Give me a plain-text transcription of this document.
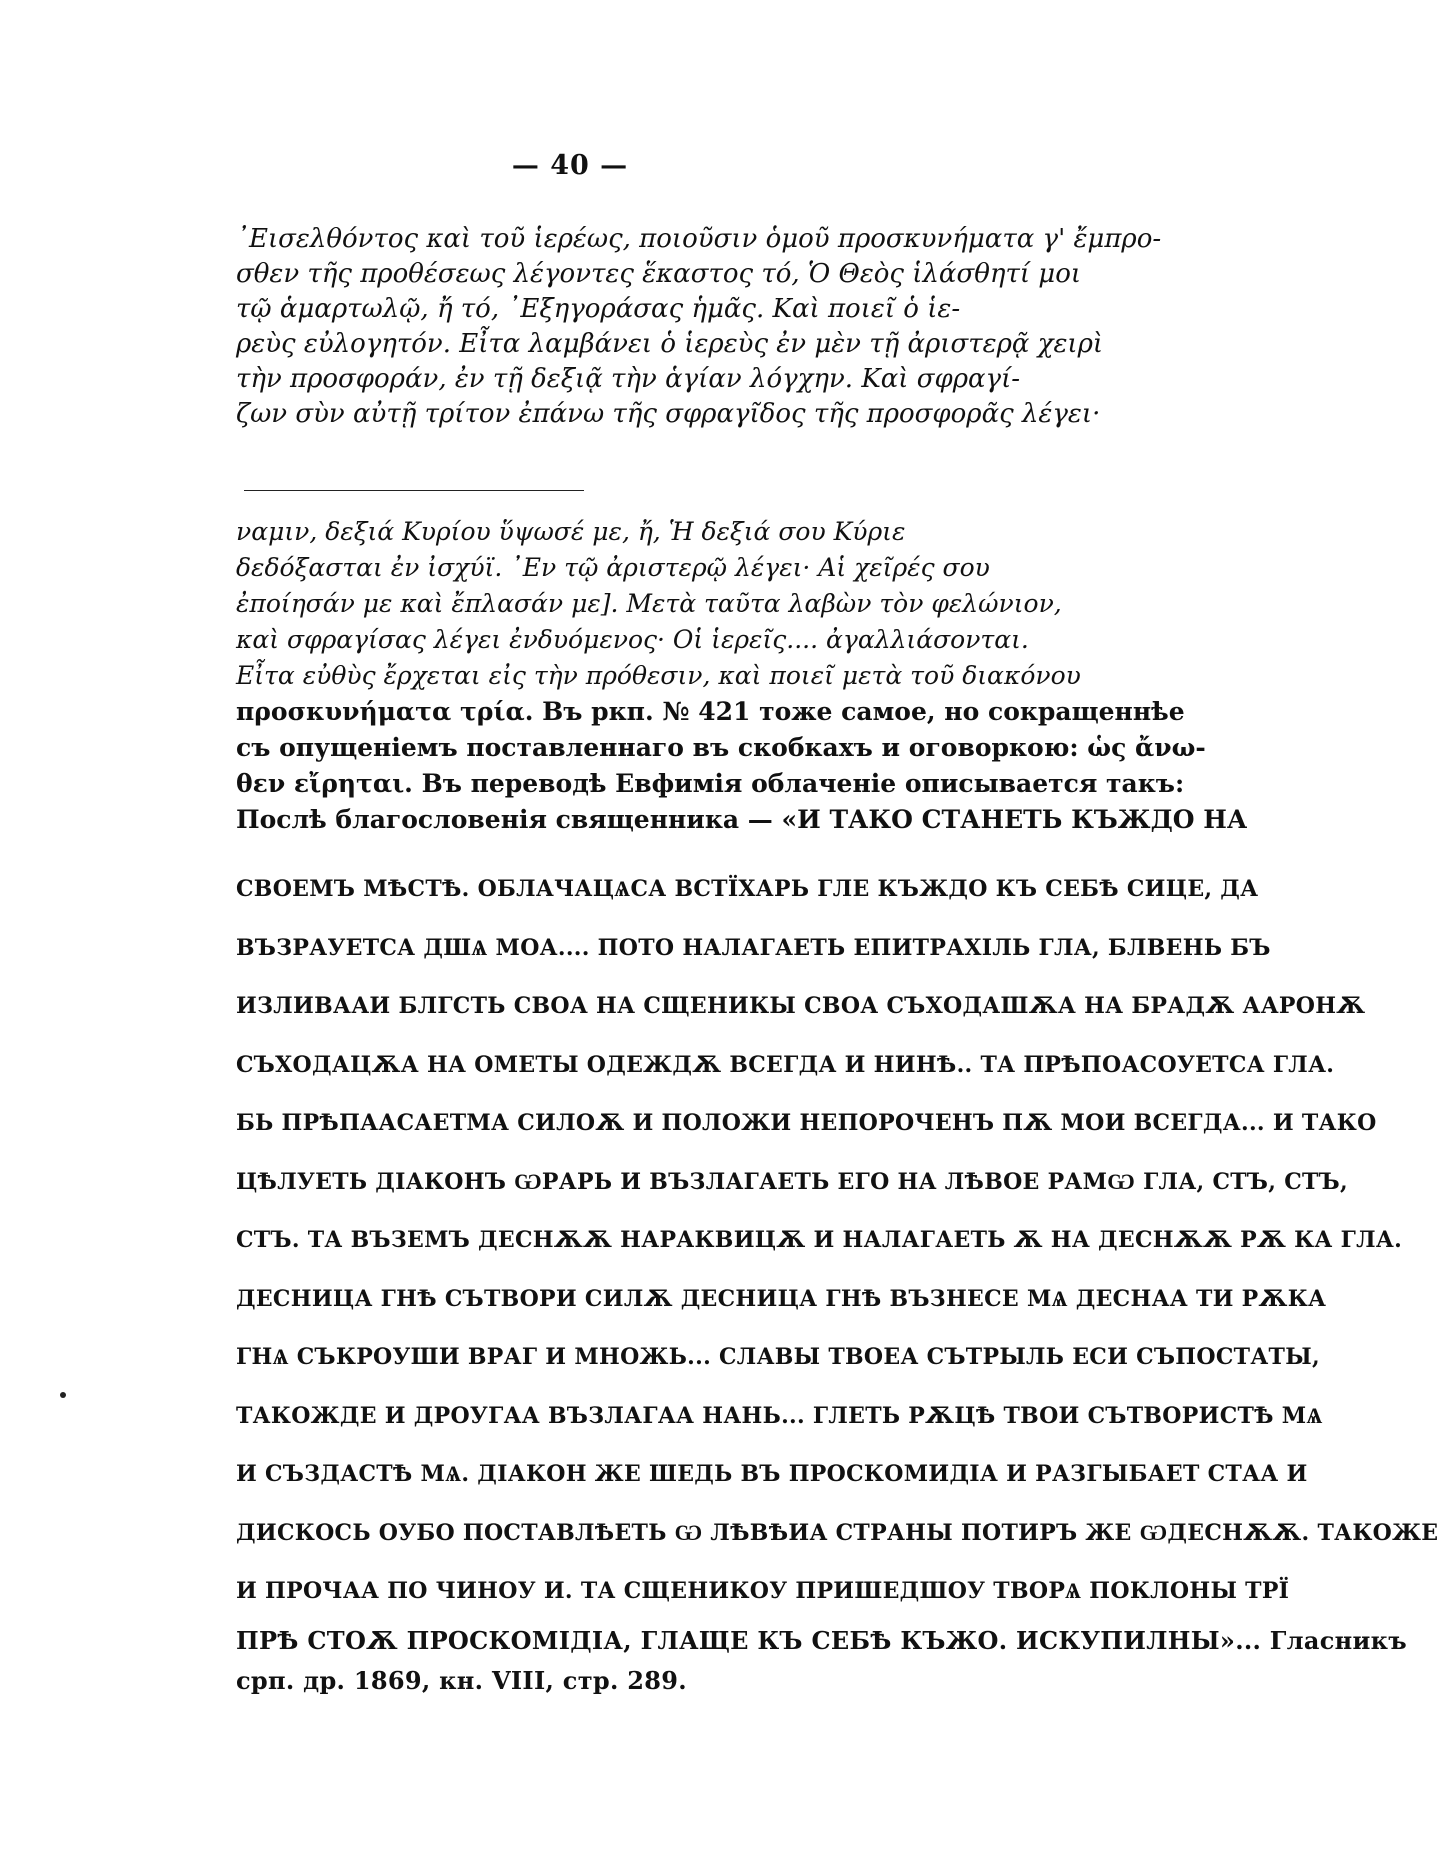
— 40 —
᾿Εισελθόντος καὶ τοῦ ἱερέως, ποιοῦσιν ὁμοῦ προσκυνήματα γ' ἔμπρο-
σθεν τῆς προθέσεως λέγοντες ἕκαστος τό, Ὁ Θεὸς ἱλάσθητί μοι
τῷ ἁμαρτωλῷ, ἤ τό, ᾿Εξηγοράσας ἡμᾶς. Καὶ ποιεῖ ὁ ἱε-
ρεὺς εὐλογητόν. Εἶτα λαμβάνει ὁ ἱερεὺς ἐν μὲν τῇ ἀριστερᾷ χειρὶ
τὴν προσφοράν, ἐν τῇ δεξιᾷ τὴν ἁγίαν λόγχην. Καὶ σφραγί-
ζων σὺν αὐτῇ τρίτον ἐπάνω τῆς σφραγῖδος τῆς προσφορᾶς λέγει·
ναμιν, δεξιά Κυρίου ὕψωσέ με, ἤ, Ἡ δεξιά σου Κύριε
δεδόξασται ἐν ἰσχύϊ. ᾿Εν τῷ ἀριστερῷ λέγει· Αἱ χεῖρές σου
ἐποίησάν με καὶ ἔπλασάν με]. Μετὰ ταῦτα λαβὼν τὸν φελώνιον,
καὶ σφραγίσας λέγει ἐνδυόμενος· Οἱ ἱερεῖς.... ἀγαλλιάσονται.
Εἶτα εὐθὺς ἔρχεται εἰς τὴν πρόθεσιν, καὶ ποιεῖ μετὰ τοῦ διακόνου
προσκυνήματα τρία. Въ ркп. № 421 тоже самое, но сокращеннѣе
съ опущеніемъ поставленнаго въ скобкахъ и оговоркою: ὡς ἄνω-
θεν εἴρηται. Въ переводѣ Евфимія облаченіе описывается такъ:
Послѣ благословенія священника — «И ТАКО СТАНЕТЬ КЪЖДО НА
СВОЕМЪ МѢСТѢ. ОБЛАЧАЦѦСА ВСТЇХАРЬ ГЛЕ КЪЖДО КЪ СЕБѢ СИЦЕ, ДА
ВЪЗРАУЕТСА ДШѦ МОА.... ПОТО НАЛАГАЕТЬ ЕПИТРАХІЛЬ ГЛА, БЛВЕНЬ БЪ
ИЗЛИВААИ БЛГСТЬ СВОА НА СЩЕНИКЫ СВОА СЪХОДАШѪА НА БРАДѪ ААРОНѪ
СЪХОДАЦѪА НА ОМЕТЫ ОДЕЖДѪ ВСЕГДА И НИНѢ.. ТА ПРѢПОАСОУЕТСА ГЛА.
БЬ ПРѢПААСАЕТМА СИЛОѪ И ПОЛОЖИ НЕПОРОЧЕНЪ ПѪ МОИ ВСЕГДА... И ТАКО
ЦѢЛУЕТЬ ДІАКОНЪ ѠРАРЬ И ВЪЗЛАГАЕТЬ ЕГО НА ЛѢВОЕ РАМѠ ГЛА, СТЪ, СТЪ,
СТЪ. ТА ВЪЗЕМЪ ДЕСНѪѪ НАРАКВИЦѪ И НАЛАГАЕТЬ Ѫ НА ДЕСНѪѪ РѪ КА ГЛА.
ДЕСНИЦА ГНѢ СЪТВОРИ СИЛѪ ДЕСНИЦА ГНѢ ВЪЗНЕСЕ МѦ ДЕСНАА ТИ РѪКА
ГНѦ СЪКРОУШИ ВРАГ И МНОЖЬ... СЛАВЫ ТВОЕА СЪТРЫЛЬ ЕСИ СЪПОСТАТЫ,
ТАКОЖДЕ И ДРОУГАА ВЪЗЛАГАА НАНЬ... ГЛЕТЬ РѪЦѢ ТВОИ СЪТВОРИСТѢ МѦ
И СЪЗДАСТѢ МѦ. ДІАКОН ЖЕ ШЕДЬ ВЪ ПРОСКОМИДІА И РАЗГЫБАЕТ СТАА И
ДИСКОСЬ ОУБО ПОСТАВЛѢЕТЬ Ѡ ЛѢВѢИА СТРАНЫ ПОТИРЪ ЖЕ ѠДЕСНѪѪ. ТАКОЖЕ
И ПРОЧАА ПО ЧИНОУ И. ТА СЩЕНИКОУ ПРИШЕДШОУ ТВОРѦ ПОКЛОНЫ ТРЇ
ПРѢ СТОѪ ПРОСКОМІДІА, ГЛАЩЕ КЪ СЕБѢ КЪЖО. ИСКУПИЛНЫ»... Гласникъ
срп. др. 1869, кн. VIII, стр. 289.
